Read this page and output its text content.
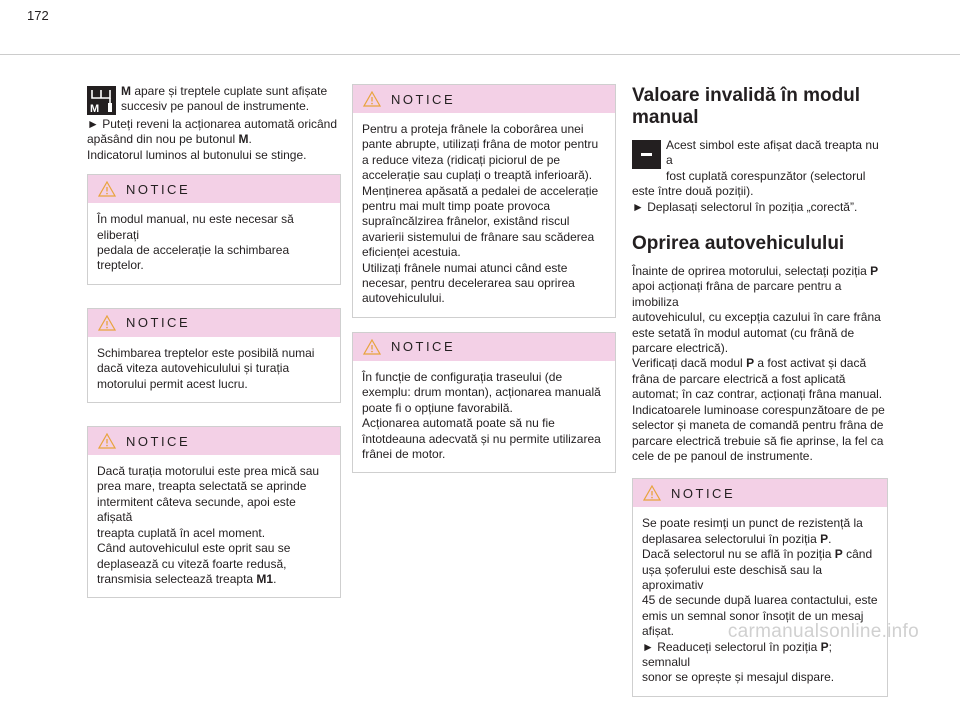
172
M

M apare și treptele cuplate sunt afișate
succesiv pe panoul de instrumente.

► Puteți reveni la acționarea automată oricând
apăsând din nou pe butonul M.
Indicatorul luminos al butonului se stinge.

NOTICE
În modul manual, nu este necesar să eliberați
pedala de accelerație la schimbarea treptelor.
NOTICE
Schimbarea treptelor este posibilă numai
dacă viteza autovehiculului și turația
motorului permit acest lucru.
NOTICE
Dacă turația motorului este prea mică sau
prea mare, treapta selectată se aprinde
intermitent câteva secunde, apoi este afișată
treapta cuplată în acel moment.
Când autovehiculul este oprit sau se
deplasează cu viteză foarte redusă,
transmisia selectează treapta M1.
NOTICE
Pentru a proteja frânele la coborârea unei
pante abrupte, utilizați frâna de motor pentru
a reduce viteza (ridicați piciorul de pe
accelerație sau cuplați o treaptă inferioară).
Menținerea apăsată a pedalei de accelerație
pentru mai mult timp poate provoca
supraîncălzirea frânelor, existând riscul
avarierii sistemului de frânare sau scăderea
eficienței acestuia.
Utilizați frânele numai atunci când este
necesar, pentru decelerarea sau oprirea
autovehiculului.
NOTICE
În funcție de configurația traseului (de
exemplu: drum montan), acționarea manuală
poate fi o opțiune favorabilă.
Acționarea automată poate să nu fie
întotdeauna adecvată și nu permite utilizarea
frânei de motor.
Valoare invalidă în modul
manual

Acest simbol este afișat dacă treapta nu a
fost cuplată corespunzător (selectorul

este între două poziții).
► Deplasați selectorul în poziția „corectă”.

Oprirea autovehiculului

Înainte de oprirea motorului, selectați poziția P
apoi acționați frâna de parcare pentru a imobiliza
autovehiculul, cu excepția cazului în care frâna
este setată în modul automat (cu frână de
parcare electrică).
Verificați dacă modul P a fost activat și dacă
frâna de parcare electrică a fost aplicată
automat; în caz contrar, acționați frâna manual.
Indicatoarele luminoase corespunzătoare de pe
selector și maneta de comandă pentru frâna de
parcare electrică trebuie să fie aprinse, la fel ca
cele de pe panoul de instrumente.

NOTICE
Se poate resimți un punct de rezistență la
deplasarea selectorului în poziția P.
Dacă selectorul nu se află în poziția P când
ușa șoferului este deschisă sau la aproximativ
45 de secunde după luarea contactului, este
emis un semnal sonor însoțit de un mesaj
afișat.
► Readuceți selectorul în poziția P; semnalul
sonor se oprește și mesajul dispare.
carmanualsonline.info
